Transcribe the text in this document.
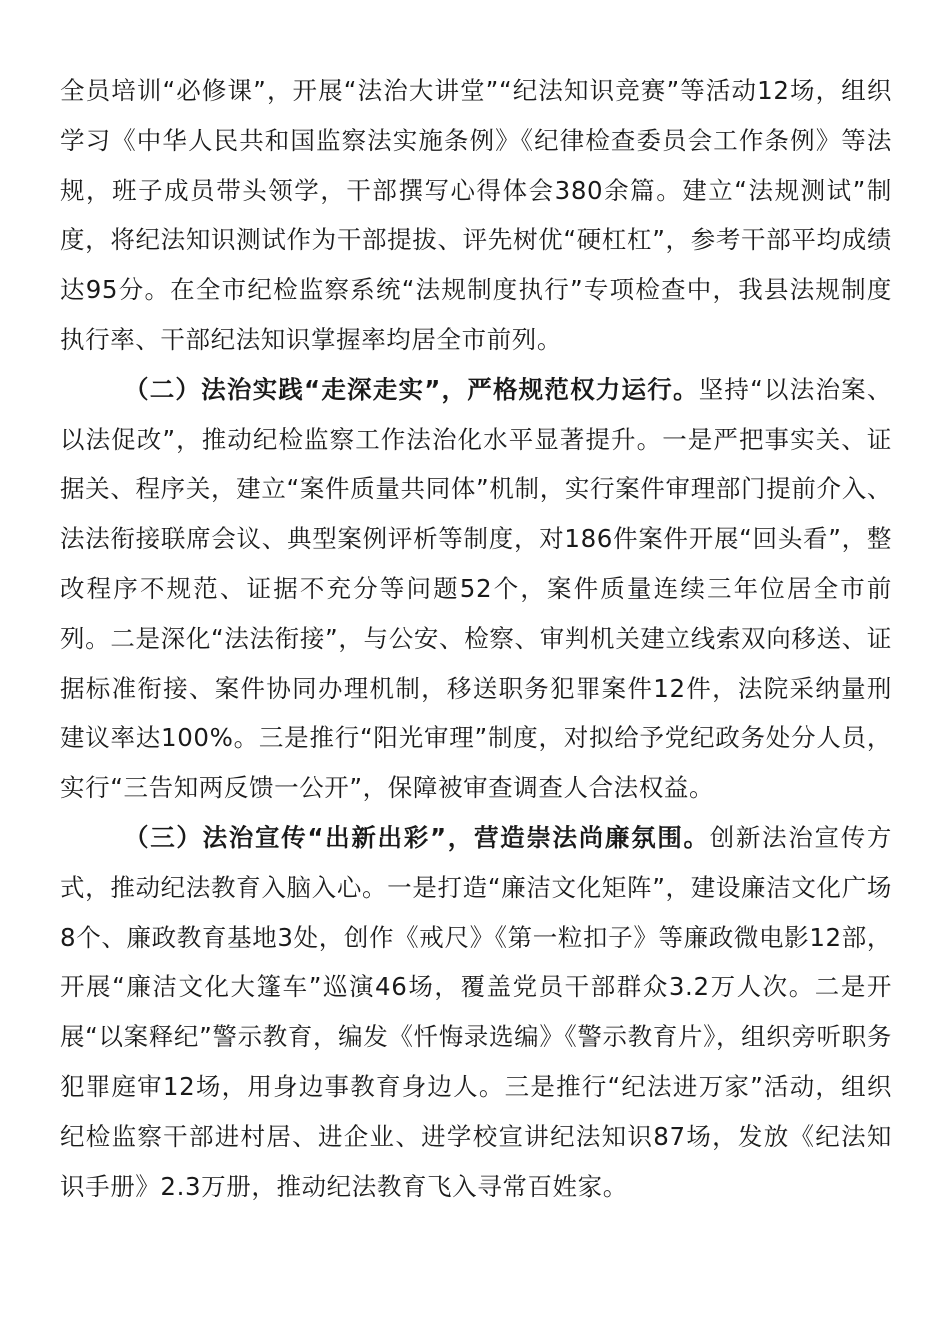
全员培训“必修课”，开展“法治大讲堂”“纪法知识竞赛”等活动12场，组织学习《中华人民共和国监察法实施条例》《纪律检查委员会工作条例》等法规，班子成员带头领学，干部撰写心得体会380余篇。建立“法规测试”制度，将纪法知识测试作为干部提拔、评先树优“硬杠杠”，参考干部平均成绩达95分。在全市纪检监察系统“法规制度执行”专项检查中，我县法规制度执行率、干部纪法知识掌握率均居全市前列。

（二）法治实践“走深走实”，严格规范权力运行。坚持“以法治案、以法促改”，推动纪检监察工作法治化水平显著提升。一是严把事实关、证据关、程序关，建立“案件质量共同体”机制，实行案件审理部门提前介入、法法衔接联席会议、典型案例评析等制度，对186件案件开展“回头看”，整改程序不规范、证据不充分等问题52个，案件质量连续三年位居全市前列。二是深化“法法衔接”，与公安、检察、审判机关建立线索双向移送、证据标准衔接、案件协同办理机制，移送职务犯罪案件12件，法院采纳量刑建议率达100%。三是推行“阳光审理”制度，对拟给予党纪政务处分人员，实行“三告知两反馈一公开”，保障被审查调查人合法权益。

（三）法治宣传“出新出彩”，营造崇法尚廉氛围。创新法治宣传方式，推动纪法教育入脑入心。一是打造“廉洁文化矩阵”，建设廉洁文化广场8个、廉政教育基地3处，创作《戒尺》《第一粒扣子》等廉政微电影12部，开展“廉洁文化大篷车”巡演46场，覆盖党员干部群众3.2万人次。二是开展“以案释纪”警示教育，编发《忏悔录选编》《警示教育片》，组织旁听职务犯罪庭审12场，用身边事教育身边人。三是推行“纪法进万家”活动，组织纪检监察干部进村居、进企业、进学校宣讲纪法知识87场，发放《纪法知识手册》2.3万册，推动纪法教育飞入寻常百姓家。
